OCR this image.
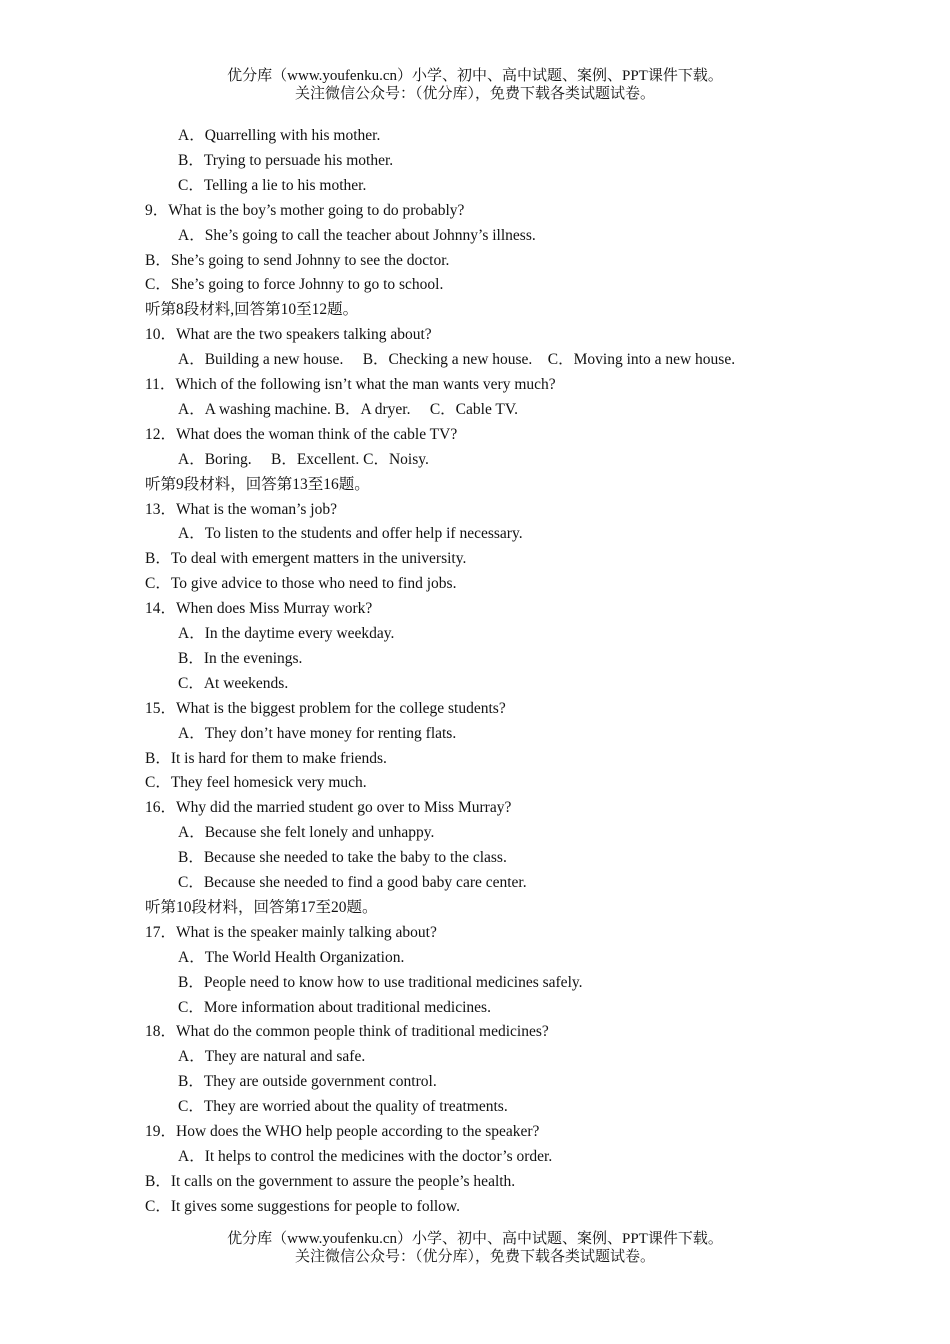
优分库（www.youfenku.cn）小学、初中、高中试题、案例、PPT课件下载。
关注微信公众号：（优分库），免费下载各类试题试卷。
A．Quarrelling with his mother.
B．Trying to persuade his mother.
C．Telling a lie to his mother.
9．What is the boy’s mother going to do probably?
A．She’s going to call the teacher about Johnny’s illness.
B．She’s going to send Johnny to see the doctor.
C．She’s going to force Johnny to go to school.
听第8段材料,回答第10至12题。
10．What are the two speakers talking about?
A．Building a new house.     B．Checking a new house.    C．Moving into a new house.
11．Which of the following isn’t what the man wants very much?
A．A washing machine. B．A dryer.     C．Cable TV.
12．What does the woman think of the cable TV?
A．Boring.     B．Excellent. C．Noisy.
听第9段材料，回答第13至16题。
13．What is the woman’s job?
A．To listen to the students and offer help if necessary.
B．To deal with emergent matters in the university.
C．To give advice to those who need to find jobs.
14．When does Miss Murray work?
A．In the daytime every weekday.
B．In the evenings.
C．At weekends.
15．What is the biggest problem for the college students?
A．They don’t have money for renting flats.
B．It is hard for them to make friends.
C．They feel homesick very much.
16．Why did the married student go over to Miss Murray?
A．Because she felt lonely and unhappy.
B．Because she needed to take the baby to the class.
C．Because she needed to find a good baby care center.
听第10段材料，回答第17至20题。
17．What is the speaker mainly talking about?
A．The World Health Organization.
B．People need to know how to use traditional medicines safely.
C．More information about traditional medicines.
18．What do the common people think of traditional medicines?
A．They are natural and safe.
B．They are outside government control.
C．They are worried about the quality of treatments.
19．How does the WHO help people according to the speaker?
A．It helps to control the medicines with the doctor’s order.
B．It calls on the government to assure the people’s health.
C．It gives some suggestions for people to follow.
优分库（www.youfenku.cn）小学、初中、高中试题、案例、PPT课件下载。
关注微信公众号：（优分库），免费下载各类试题试卷。
